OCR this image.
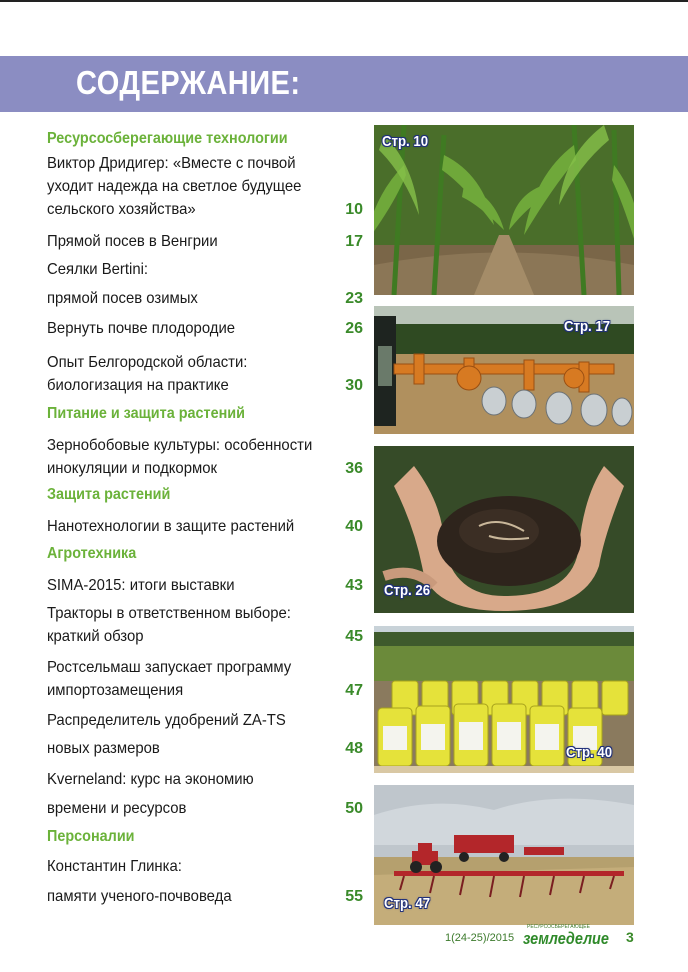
СОДЕРЖАНИЕ:
Ресурсосберегающие технологии
Виктор Дридигер: «Вместе с почвой
уходит надежда на светлое будущее
сельского хозяйства»	10
Прямой посев в Венгрии	17
Сеялки Bertini:
прямой посев озимых	23
Вернуть почве плодородие	26
Опыт Белгородской области:
биологизация на практике	30
Питание и защита растений
Зернобобовые культуры: особенности
инокуляции и подкормок	36
Защита растений
Нанотехнологии в защите растений	40
Агротехника
SIMA-2015: итоги выставки	43
Тракторы в ответственном выборе:
краткий обзор	45
Ростсельмаш запускает программу
импортозамещения	47
Распределитель удобрений ZA-TS
новых размеров	48
Kverneland: курс на экономию
времени и ресурсов	50
Персоналии
Константин Глинка:
памяти ученого-почвоведа	55
Стр. 10
Стр. 17
Стр. 26
Стр. 40
Стр. 47
1(24-25)/2015
РЕСУРСОСБЕРЕГАЮЩЕЕ
земледелие 3
